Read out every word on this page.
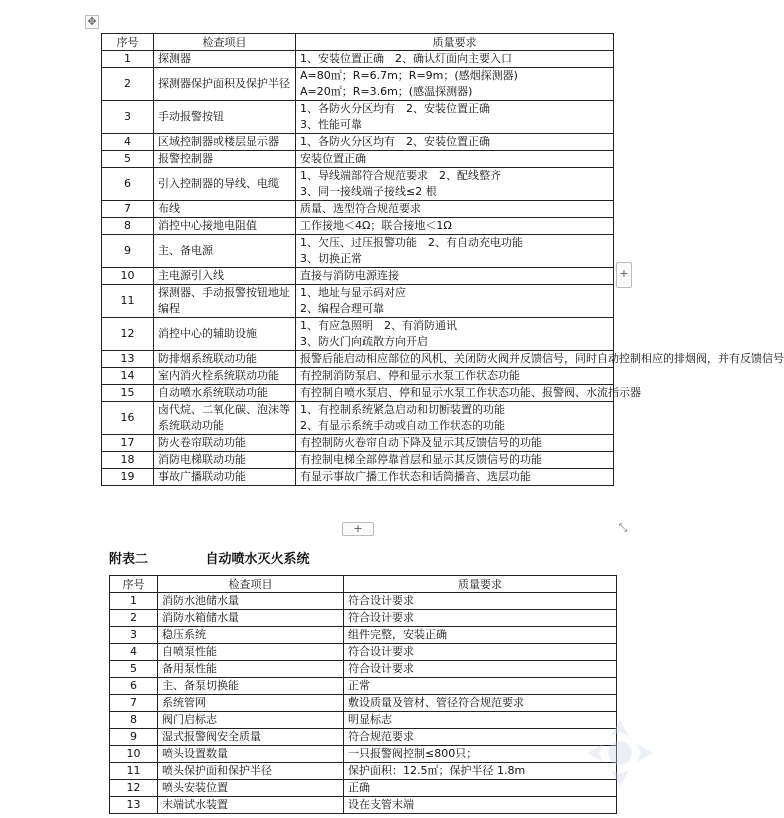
✥
序号	检查项目	质量要求
1	探测器	1、安装位置正确　2、确认灯面向主要入口

2	探测器保护面积及保护半径	A=80㎡；R=6.7m；R=9m；(感烟探测器)
A=20㎡；R=3.6m；(感温探测器)

3	手动报警按钮	1、各防火分区均有　2、安装位置正确
3、性能可靠

4	区域控制器或楼层显示器	1、各防火分区均有　2、安装位置正确

5	报警控制器	安装位置正确

6	引入控制器的导线、电缆	1、导线端部符合规范要求　2、配线整齐
3、同一接线端子接线≤2 根

7	布线	质量、选型符合规范要求

8	消控中心接地电阻值	工作接地＜4Ω；联合接地＜1Ω

9	主、备电源	1、欠压、过压报警功能　2、有自动充电功能
3、切换正常

10	主电源引入线	直接与消防电源连接

11	探测器、手动报警按钮地址编程	1、地址与显示码对应
2、编程合理可靠

12	消控中心的辅助设施	1、有应急照明　2、有消防通讯
3、防火门向疏散方向开启

13	防排烟系统联动功能	报警后能启动相应部位的风机、关闭防火阀并反馈信号，同时自动控制相应的排烟阀，并有反馈信号

14	室内消火栓系统联动功能	有控制消防泵启、停和显示水泵工作状态功能

15	自动喷水系统联动功能	有控制自喷水泵启、停和显示水泵工作状态功能、报警阀、水流指示器

16	卤代烷、二氧化碳、泡沫等系统联动功能	1、有控制系统紧急启动和切断装置的功能
2、有显示系统手动或自动工作状态的功能

17	防火卷帘联动功能	有控制防火卷帘自动下降及显示其反馈信号的功能

18	消防电梯联动功能	有控制电梯全部停靠首层和显示其反馈信号的功能

19	事故广播联动功能	有显示事故广播工作状态和话筒播音、选层功能
+
+
⤡
附表二	自动喷水灭火系统
序号	检查项目	质量要求
1	消防水池储水量	符合设计要求
2	消防水箱储水量	符合设计要求
3	稳压系统	组件完整，安装正确
4	自喷泵性能	符合设计要求
5	备用泵性能	符合设计要求
6	主、备泵切换能	正常
7	系统管网	敷设质量及管材、管径符合规范要求
8	阀门启标志	明显标志
9	湿式报警阀安全质量	符合规范要求
10	喷头设置数量	一只报警阀控制≤800只；
11	喷头保护面和保护半径	保护面积：12.5㎡；保护半径 1.8m
12	喷头安装位置	正确
13	末端试水装置	设在支管末端
